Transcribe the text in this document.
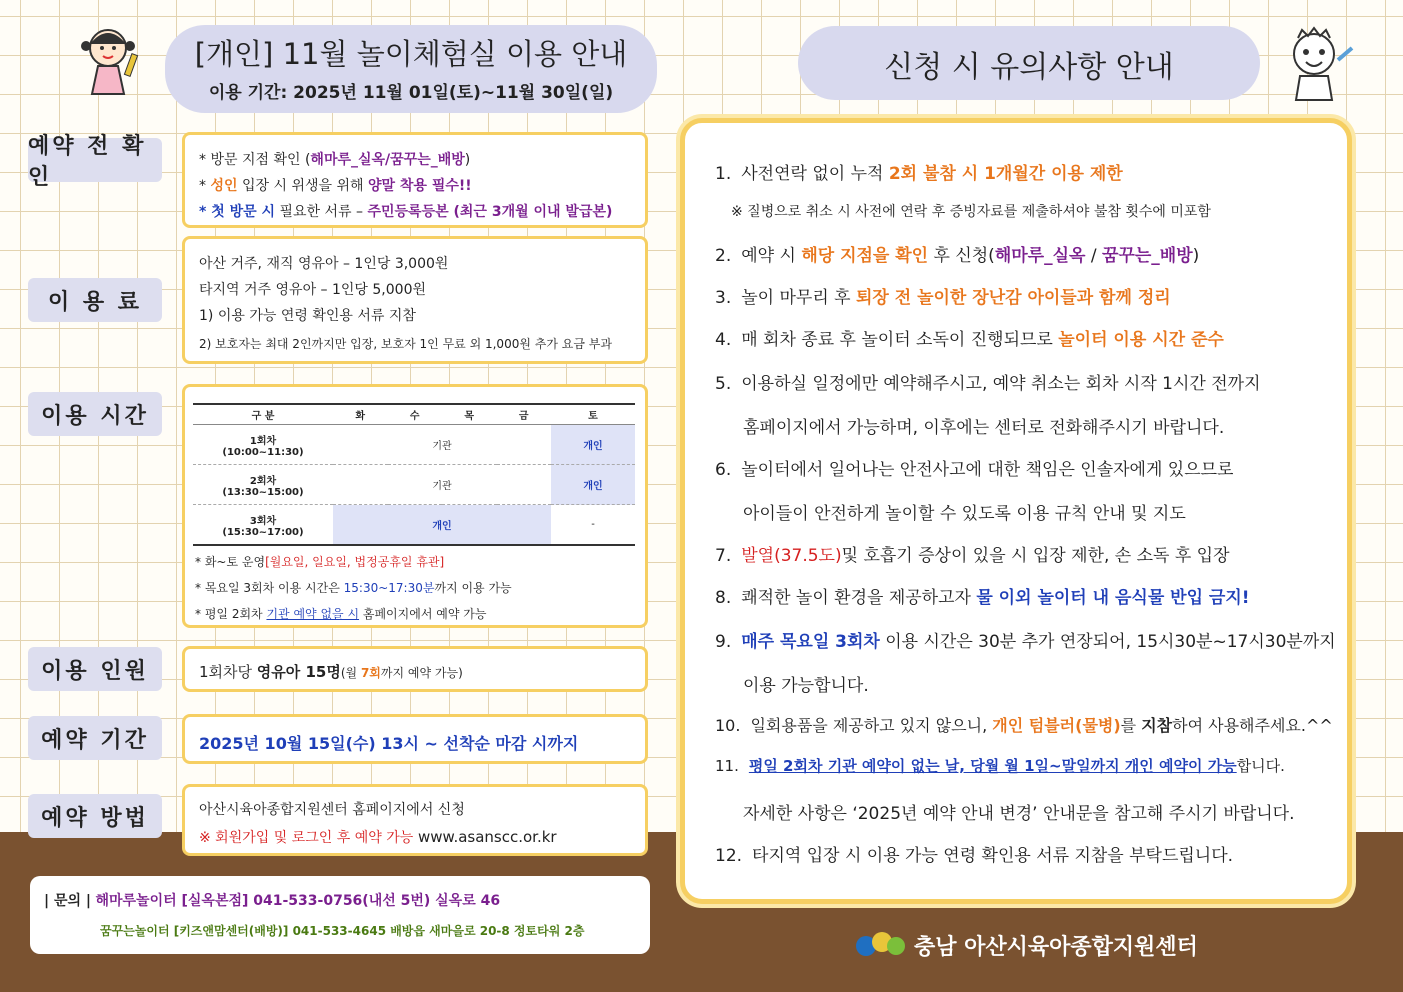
[개인] 11월 놀이체험실 이용 안내
이용 기간: 2025년 11월 01일(토)~11월 30일(일)
신청 시 유의사항 안내
예약 전 확인
* 방문 지점 확인 (해마루_실옥/꿈꾸는_배방)
* 성인 입장 시 위생을 위해 양말 착용 필수!!
* 첫 방문 시 필요한 서류 – 주민등록등본 (최근 3개월 이내 발급본)
이 용 료
아산 거주, 재직 영유아 – 1인당 3,000원
타지역 거주 영유아 – 1인당 5,000원
1) 이용 가능 연령 확인용 서류 지참
2) 보호자는 최대 2인까지만 입장, 보호자 1인 무료 외 1,000원 추가 요금 부과
이용 시간	구 분	화	수	목	금	토
1회차
(10:00~11:30)	기관				개인
2회차
(13:30~15:00)	기관				개인
3회차
(15:30~17:00)	개인				-
* 화~토 운영[월요일, 일요일, 법정공휴일 휴관]
* 목요일 3회차 이용 시간은 15:30~17:30분까지 이용 가능
* 평일 2회차 기관 예약 없을 시 홈페이지에서 예약 가능
이용 인원	1회차당 영유아 15명(월 7회까지 예약 가능)
예약 기간	2025년 10월 15일(수) 13시 ~ 선착순 마감 시까지
예약 방법	아산시육아종합지원센터 홈페이지에서 신청
※ 회원가입 및 로그인 후 예약 가능 www.asanscc.or.kr
| 문의 | 해마루놀이터 [실옥본점] 041-533-0756(내선 5번) 실옥로 46
꿈꾸는놀이터 [키즈앤맘센터(배방)] 041-533-4645 배방읍 새마을로 20-8 정토타워 2층
1. 사전연락 없이 누적 2회 불참 시 1개월간 이용 제한
※ 질병으로 취소 시 사전에 연락 후 증빙자료를 제출하셔야 불참 횟수에 미포함
2. 예약 시 해당 지점을 확인 후 신청(해마루_실옥 / 꿈꾸는_배방)
3. 놀이 마무리 후 퇴장 전 놀이한 장난감 아이들과 함께 정리
4. 매 회차 종료 후 놀이터 소독이 진행되므로 놀이터 이용 시간 준수
5. 이용하실 일정에만 예약해주시고, 예약 취소는 회차 시작 1시간 전까지
홈페이지에서 가능하며, 이후에는 센터로 전화해주시기 바랍니다.
6. 놀이터에서 일어나는 안전사고에 대한 책임은 인솔자에게 있으므로
아이들이 안전하게 놀이할 수 있도록 이용 규칙 안내 및 지도
7. 발열(37.5도)및 호흡기 증상이 있을 시 입장 제한, 손 소독 후 입장
8. 쾌적한 놀이 환경을 제공하고자 물 이외 놀이터 내 음식물 반입 금지!
9. 매주 목요일 3회차 이용 시간은 30분 추가 연장되어, 15시30분~17시30분까지
이용 가능합니다.
10. 일회용품을 제공하고 있지 않으니, 개인 텀블러(물병)를 지참하여 사용해주세요.^^
11. 평일 2회차 기관 예약이 없는 날, 당월 월 1일~말일까지 개인 예약이 가능합니다.
자세한 사항은 ‘2025년 예약 안내 변경’ 안내문을 참고해 주시기 바랍니다.
12. 타지역 입장 시 이용 가능 연령 확인용 서류 지참을 부탁드립니다.
충남 아산시육아종합지원센터
